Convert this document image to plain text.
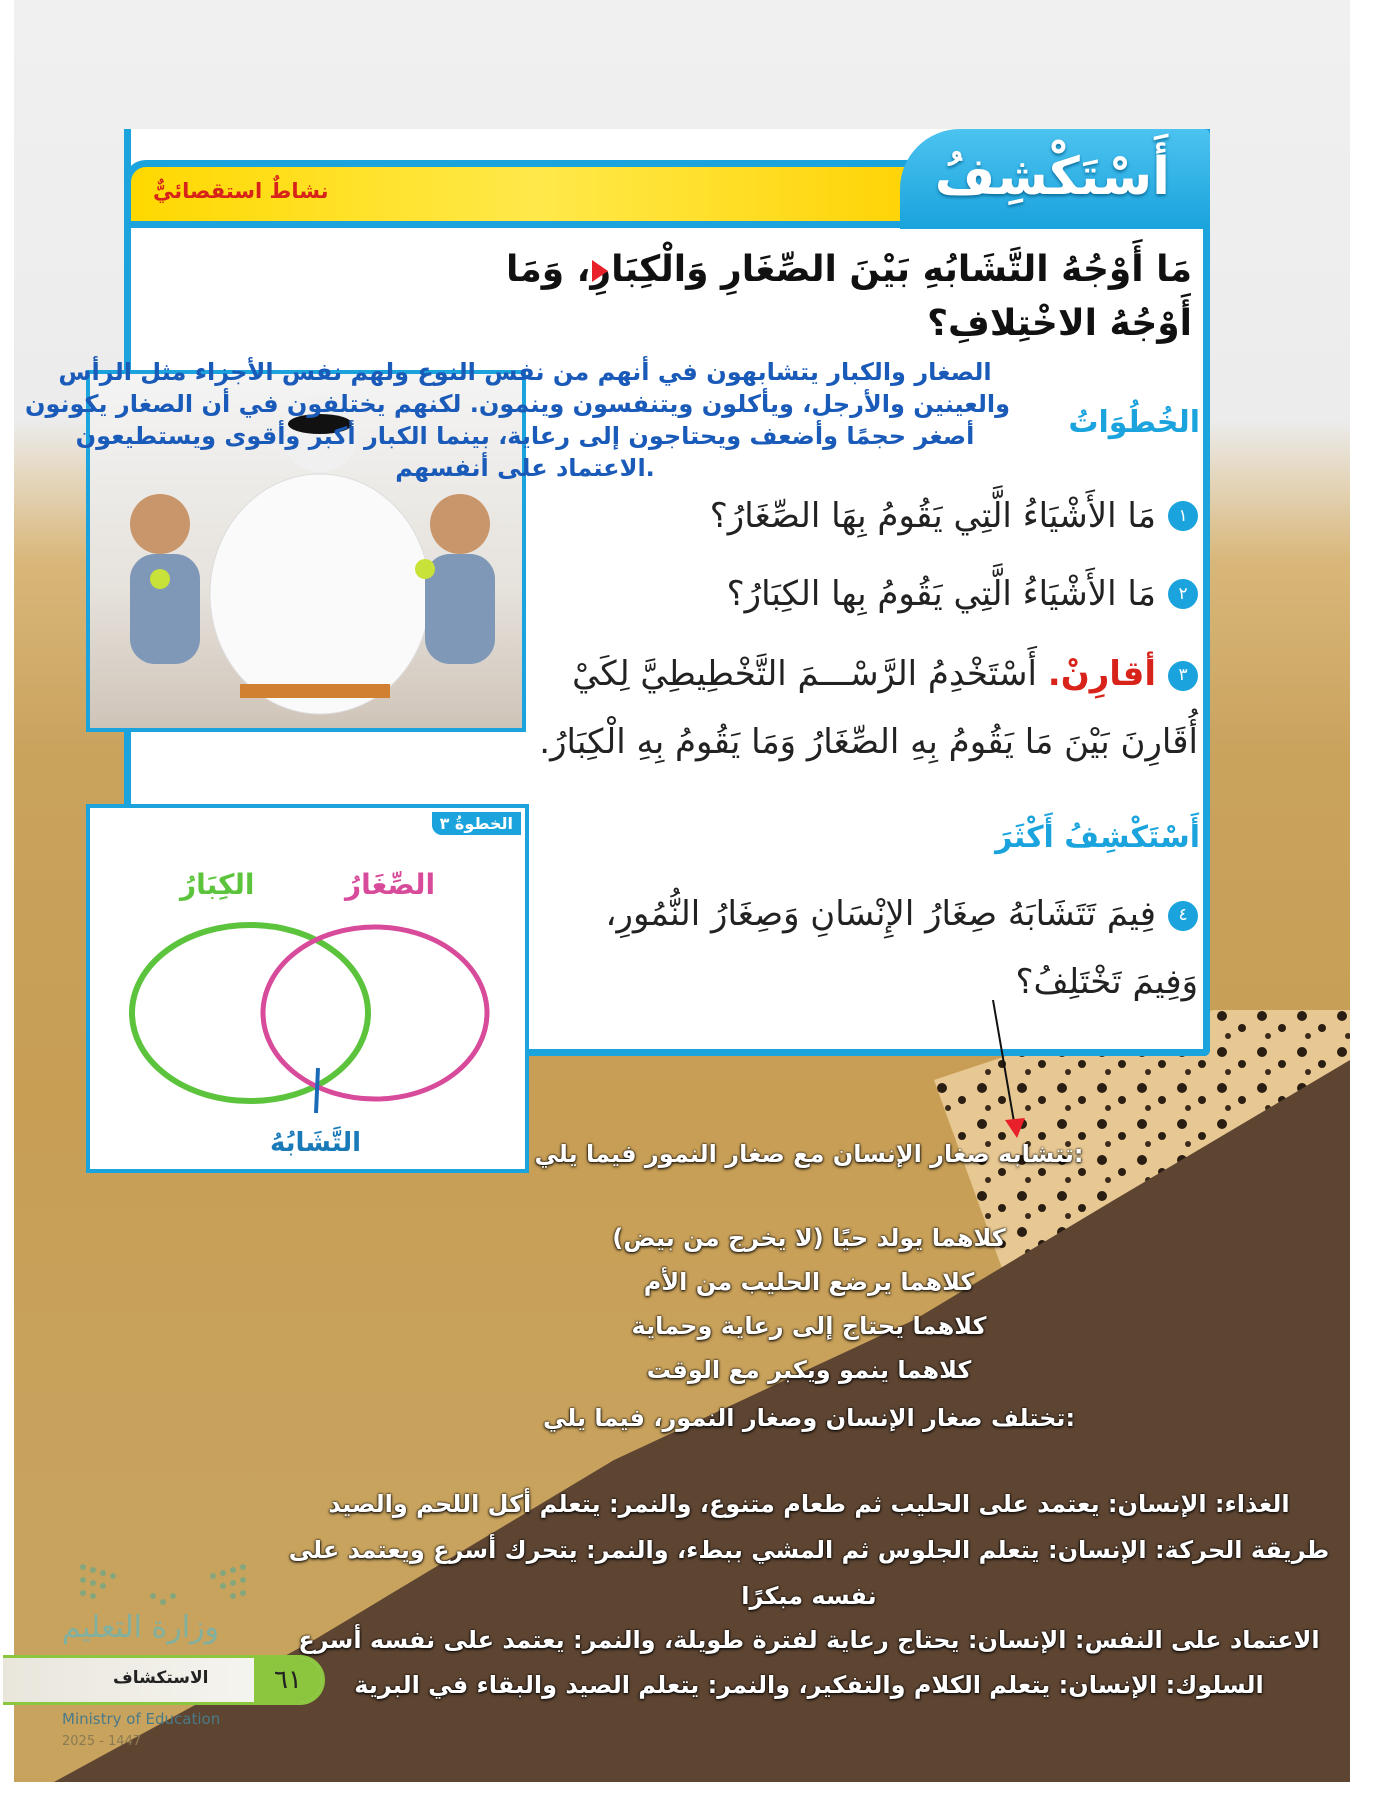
نشاطٌ استقصائيٌّ	أَسْتَكْشِفُ
مَا أَوْجُهُ التَّشَابُهِ بَيْنَ الصِّغَارِ وَالْكِبَارِ، وَمَا
أَوْجُهُ الاخْتِلافِ؟
الصغار والكبار يتشابهون في أنهم من نفس النوع ولهم نفس الأجزاء مثل الرأس
والعينين والأرجل، ويأكلون ويتنفسون وينمون. لكنهم يختلفون في أن الصغار يكونون
أصغر حجمًا وأضعف ويحتاجون إلى رعاية، بينما الكبار أكبر وأقوى ويستطيعون
.الاعتماد على أنفسهم
الخُطُوَاتُ
١
مَا الأَشْيَاءُ الَّتِي يَقُومُ بِهَا الصِّغَارُ؟
٢
مَا الأَشْيَاءُ الَّتِي يَقُومُ بِها الكِبَارُ؟
٣أقارِنْ. أَسْتَخْدِمُ الرَّسْـــمَ التَّخْطِيطِيَّ لِكَيْ أُقَارِنَ بَيْنَ مَا يَقُومُ بِهِ الصِّغَارُ وَمَا يَقُومُ بِهِ الْكِبَارُ.
أَسْتَكْشِفُ أَكْثَرَ
٤فِيمَ تَتَشَابَهُ صِغَارُ الإِنْسَانِ وَصِغَارُ النُّمُورِ، وَفِيمَ تَخْتَلِفُ؟
الخطوةُ ٣
الكِبَارُ	الصِّغَارُ
التَّشَابُهُ	:تتشابه صغار الإنسان مع صغار النمور فيما يلي
كلاهما يولد حيًا (لا يخرج من بيض)
كلاهما يرضع الحليب من الأم
كلاهما يحتاج إلى رعاية وحماية
كلاهما ينمو ويكبر مع الوقت
:تختلف صغار الإنسان وصغار النمور، فيما يلي
الغذاء: الإنسان: يعتمد على الحليب ثم طعام متنوع، والنمر: يتعلم أكل اللحم والصيد
طريقة الحركة: الإنسان: يتعلم الجلوس ثم المشي ببطء، والنمر: يتحرك أسرع ويعتمد على
نفسه مبكرًا
الاعتماد على النفس: الإنسان: يحتاج رعاية لفترة طويلة، والنمر: يعتمد على نفسه أسرع
السلوك: الإنسان: يتعلم الكلام والتفكير، والنمر: يتعلم الصيد والبقاء في البرية
وزارة التعليم
الاستكشاف	٦١
Ministry of Education
2025 - 1447
